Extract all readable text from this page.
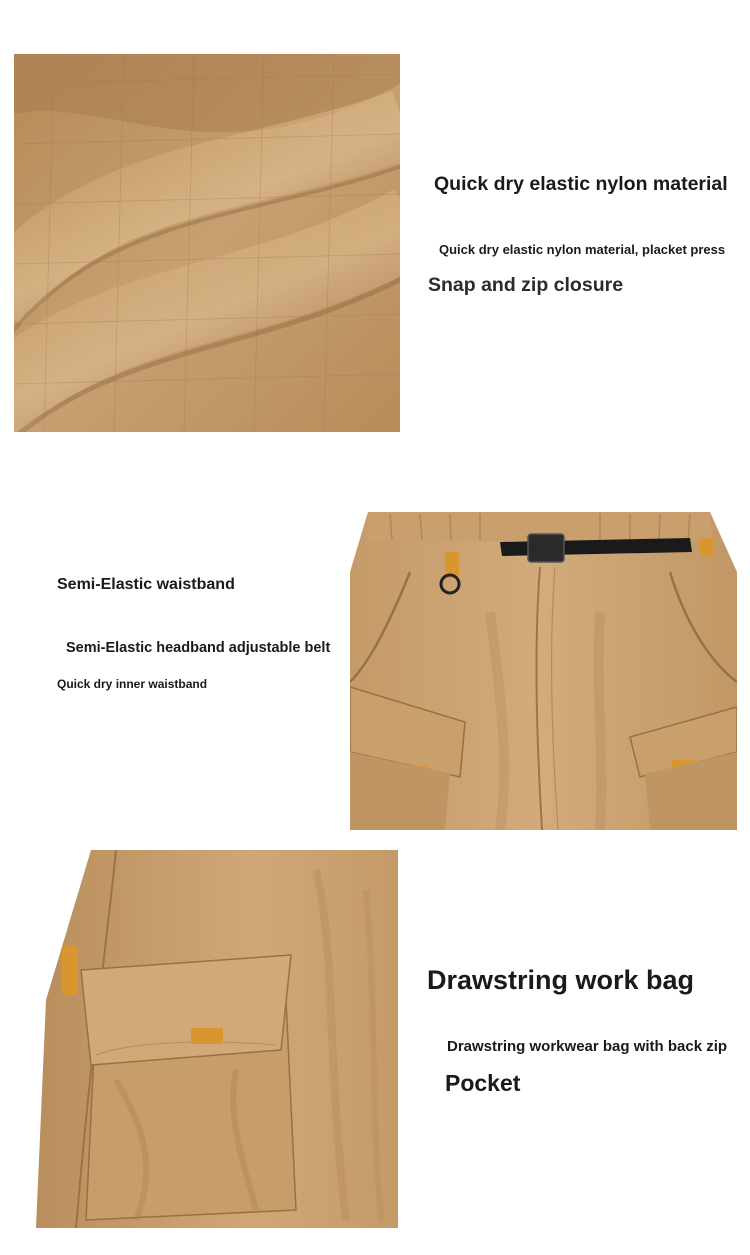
Quick dry elastic nylon material
Quick dry elastic nylon material, placket press
Snap and zip closure
Semi-Elastic waistband
Semi-Elastic headband adjustable belt
Quick dry inner waistband
Drawstring work bag
Drawstring workwear bag with back zip
Pocket
